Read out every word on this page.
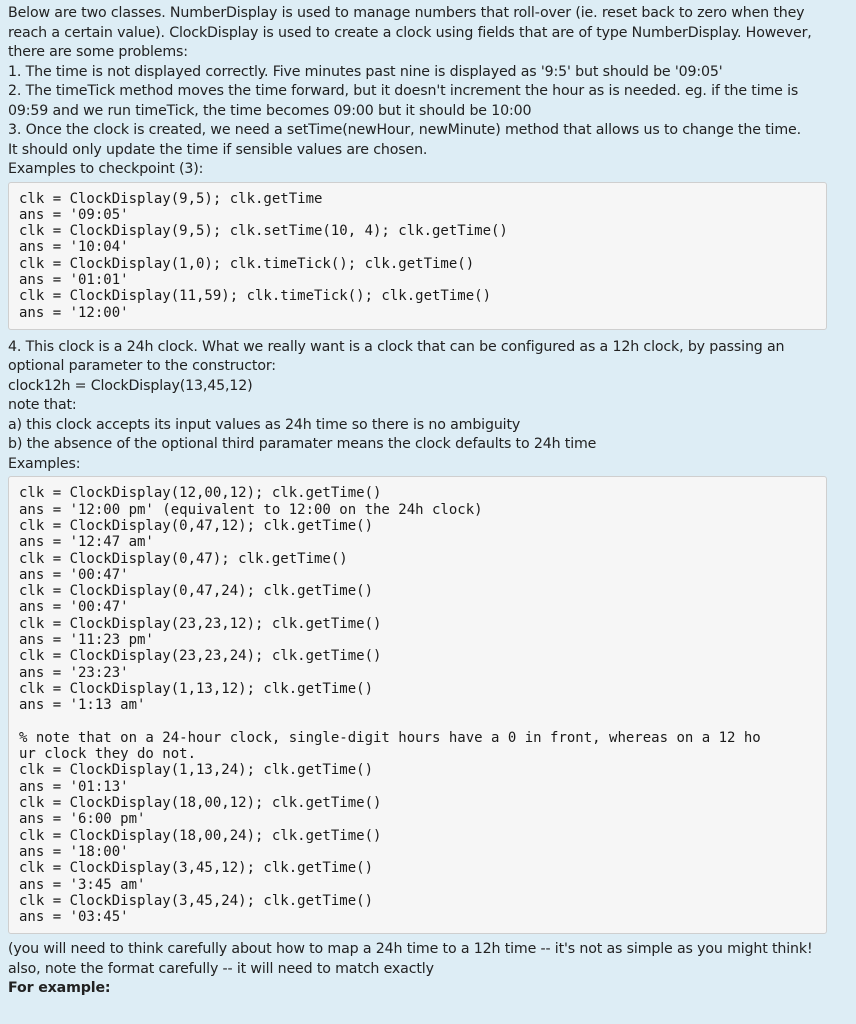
Below are two classes. NumberDisplay is used to manage numbers that roll-over (ie. reset back to zero when they
reach a certain value). ClockDisplay is used to create a clock using fields that are of type NumberDisplay. However,
there are some problems:
1. The time is not displayed correctly. Five minutes past nine is displayed as '9:5' but should be '09:05'
2. The timeTick method moves the time forward, but it doesn't increment the hour as is needed. eg. if the time is
09:59 and we run timeTick, the time becomes 09:00 but it should be 10:00
3. Once the clock is created, we need a setTime(newHour, newMinute) method that allows us to change the time.
It should only update the time if sensible values are chosen.
Examples to checkpoint (3):
clk = ClockDisplay(9,5); clk.getTime
ans = '09:05'
clk = ClockDisplay(9,5); clk.setTime(10, 4); clk.getTime()
ans = '10:04'
clk = ClockDisplay(1,0); clk.timeTick(); clk.getTime()
ans = '01:01'
clk = ClockDisplay(11,59); clk.timeTick(); clk.getTime()
ans = '12:00'
4. This clock is a 24h clock. What we really want is a clock that can be configured as a 12h clock, by passing an
optional parameter to the constructor:
clock12h = ClockDisplay(13,45,12)
note that:
a) this clock accepts its input values as 24h time so there is no ambiguity
b) the absence of the optional third paramater means the clock defaults to 24h time
Examples:
clk = ClockDisplay(12,00,12); clk.getTime()
ans = '12:00 pm' (equivalent to 12:00 on the 24h clock)
clk = ClockDisplay(0,47,12); clk.getTime()
ans = '12:47 am'
clk = ClockDisplay(0,47); clk.getTime()
ans = '00:47'
clk = ClockDisplay(0,47,24); clk.getTime()
ans = '00:47'
clk = ClockDisplay(23,23,12); clk.getTime()
ans = '11:23 pm'
clk = ClockDisplay(23,23,24); clk.getTime()
ans = '23:23'
clk = ClockDisplay(1,13,12); clk.getTime()
ans = '1:13 am'
% note that on a 24-hour clock, single-digit hours have a 0 in front, whereas on a 12 ho
ur clock they do not.
clk = ClockDisplay(1,13,24); clk.getTime()
ans = '01:13'
clk = ClockDisplay(18,00,12); clk.getTime()
ans = '6:00 pm'
clk = ClockDisplay(18,00,24); clk.getTime()
ans = '18:00'
clk = ClockDisplay(3,45,12); clk.getTime()
ans = '3:45 am'
clk = ClockDisplay(3,45,24); clk.getTime()
ans = '03:45'
(you will need to think carefully about how to map a 24h time to a 12h time -- it's not as simple as you might think!
also, note the format carefully -- it will need to match exactly
For example:
